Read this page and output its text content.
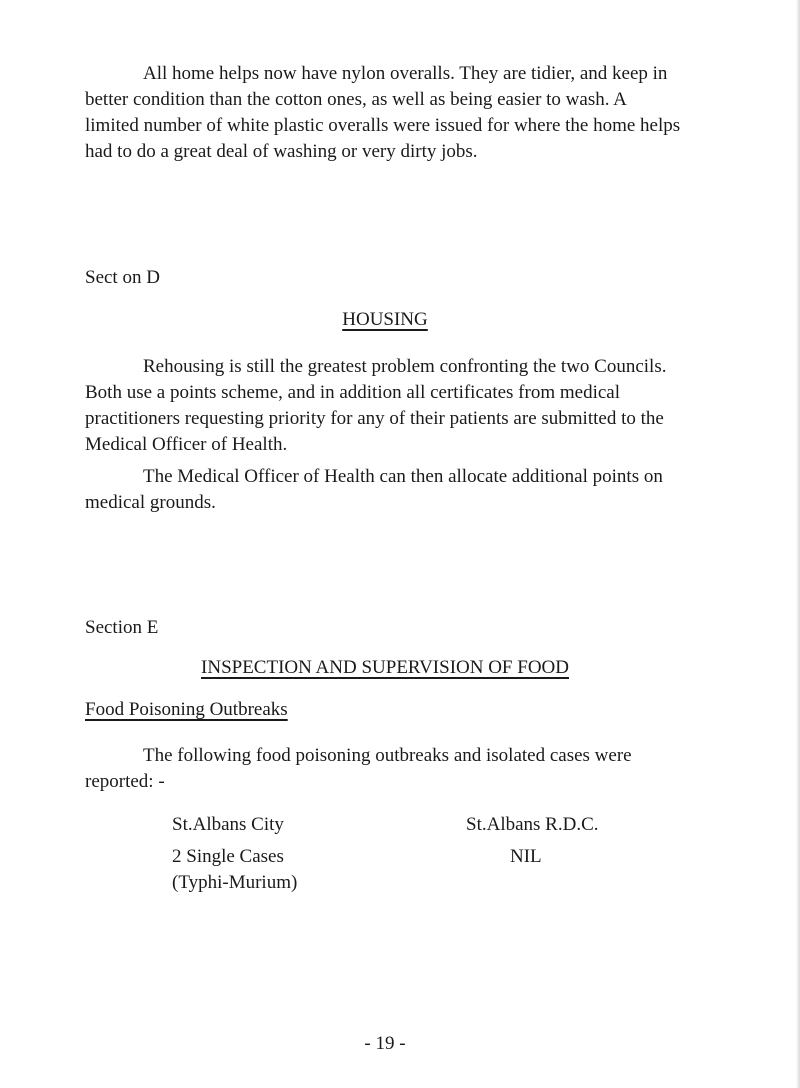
All home helps now have nylon overalls. They are tidier, and keep in

better condition than the cotton ones, as well as being easier to wash. A

limited number of white plastic overalls were issued for where the home helps

had to do a great deal of washing or very dirty jobs.

Sect on D
HOUSING

Rehousing is still the greatest problem confronting the two Councils.

Both use a points scheme, and in addition all certificates from medical

practitioners requesting priority for any of their patients are submitted to the

Medical Officer of Health.

The Medical Officer of Health can then allocate additional points on

medical grounds.

Section E
INSPECTION AND SUPERVISION OF FOOD
Food Poisoning Outbreaks

The following food poisoning outbreaks and isolated cases were

reported: -

St.Albans City	St.Albans R.D.C.
2 Single Cases
(Typhi-Murium)
NIL
- 19 -
